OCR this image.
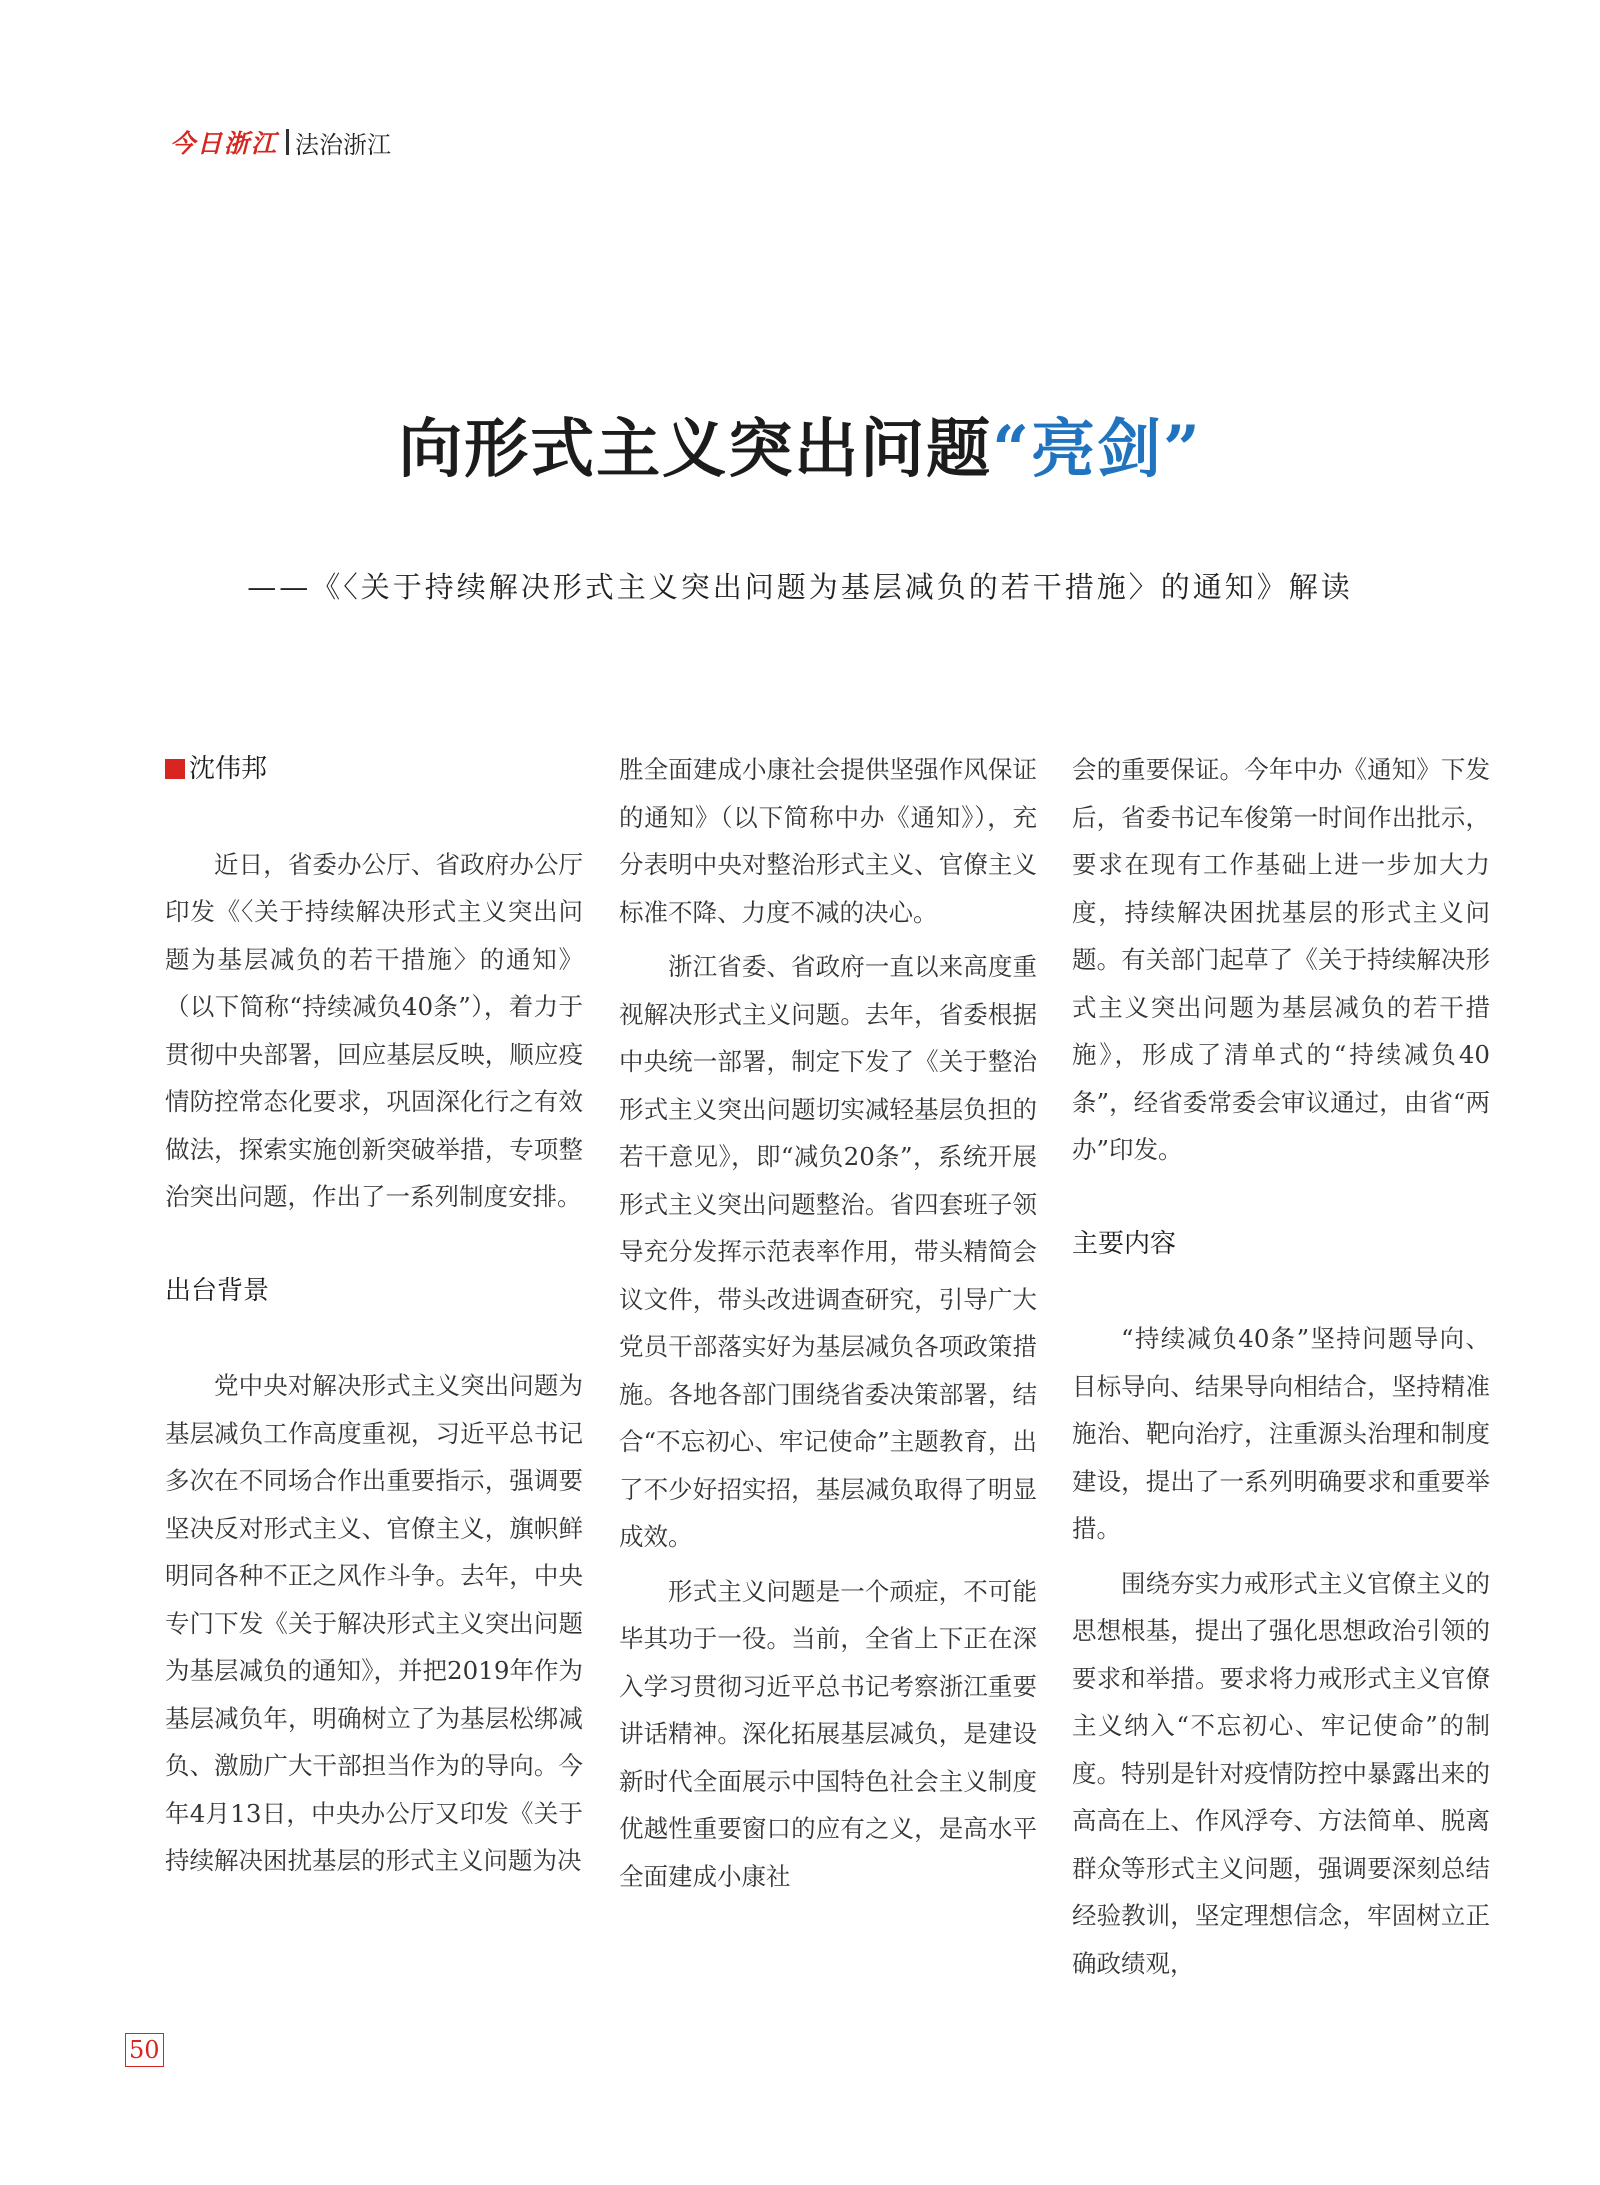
今日浙江 法治浙江
向形式主义突出问题“亮剑”
——《〈关于持续解决形式主义突出问题为基层减负的若干措施〉的通知》解读

沈伟邦

近日，省委办公厅、省政府办公厅印发《〈关于持续解决形式主义突出问题为基层减负的若干措施〉的通知》（以下简称“持续减负40条”），着力于贯彻中央部署，回应基层反映，顺应疫情防控常态化要求，巩固深化行之有效做法，探索实施创新突破举措，专项整治突出问题，作出了一系列制度安排。

出台背景

党中央对解决形式主义突出问题为基层减负工作高度重视，习近平总书记多次在不同场合作出重要指示，强调要坚决反对形式主义、官僚主义，旗帜鲜明同各种不正之风作斗争。去年，中央专门下发《关于解决形式主义突出问题为基层减负的通知》，并把2019年作为基层减负年，明确树立了为基层松绑减负、激励广大干部担当作为的导向。今年4月13日，中央办公厅又印发《关于持续解决困扰基层的形式主义问题为决

胜全面建成小康社会提供坚强作风保证的通知》（以下简称中办《通知》），充分表明中央对整治形式主义、官僚主义标准不降、力度不减的决心。

浙江省委、省政府一直以来高度重视解决形式主义问题。去年，省委根据中央统一部署，制定下发了《关于整治形式主义突出问题切实减轻基层负担的若干意见》，即“减负20条”，系统开展形式主义突出问题整治。省四套班子领导充分发挥示范表率作用，带头精简会议文件，带头改进调查研究，引导广大党员干部落实好为基层减负各项政策措施。各地各部门围绕省委决策部署，结合“不忘初心、牢记使命”主题教育，出了不少好招实招，基层减负取得了明显成效。

形式主义问题是一个顽症，不可能毕其功于一役。当前，全省上下正在深入学习贯彻习近平总书记考察浙江重要讲话精神。深化拓展基层减负，是建设新时代全面展示中国特色社会主义制度优越性重要窗口的应有之义，是高水平全面建成小康社

会的重要保证。今年中办《通知》下发后，省委书记车俊第一时间作出批示，要求在现有工作基础上进一步加大力度，持续解决困扰基层的形式主义问题。有关部门起草了《关于持续解决形式主义突出问题为基层减负的若干措施》，形成了清单式的“持续减负40条”，经省委常委会审议通过，由省“两办”印发。

主要内容

“持续减负40条”坚持问题导向、目标导向、结果导向相结合，坚持精准施治、靶向治疗，注重源头治理和制度建设，提出了一系列明确要求和重要举措。

围绕夯实力戒形式主义官僚主义的思想根基，提出了强化思想政治引领的要求和举措。要求将力戒形式主义官僚主义纳入“不忘初心、牢记使命”的制度。特别是针对疫情防控中暴露出来的高高在上、作风浮夸、方法简单、脱离群众等形式主义问题，强调要深刻总结经验教训，坚定理想信念，牢固树立正确政绩观，

50
